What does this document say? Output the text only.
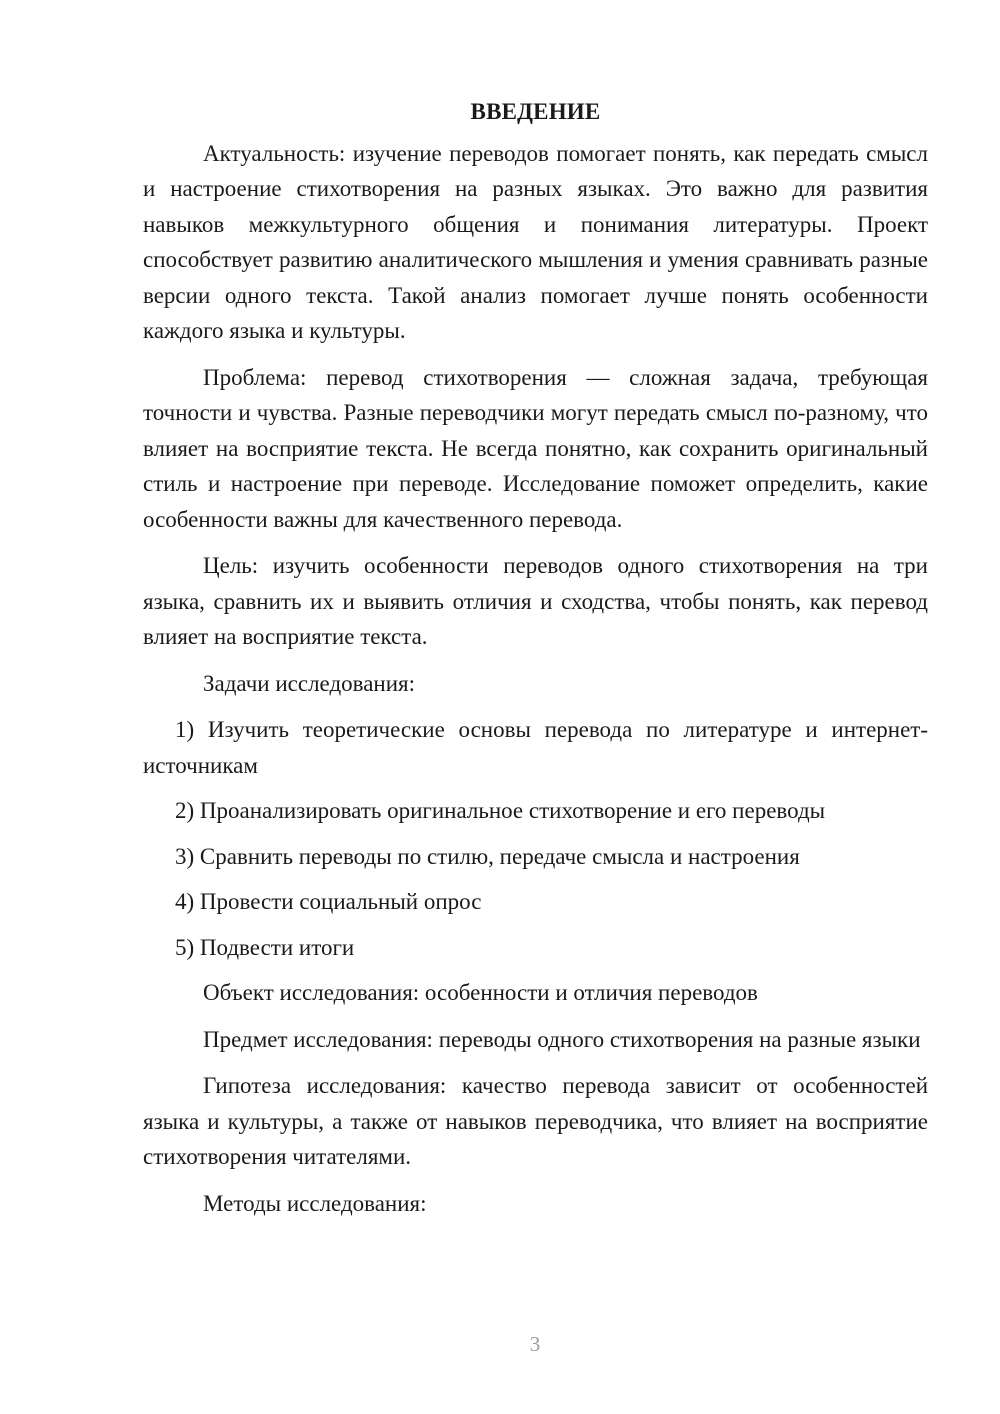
ВВЕДЕНИЕ

Актуальность: изучение переводов помогает понять, как передать смысл и настроение стихотворения на разных языках. Это важно для развития навыков межкультурного общения и понимания литературы. Проект способствует развитию аналитического мышления и умения сравнивать разные версии одного текста. Такой анализ помогает лучше понять особенности каждого языка и культуры.

Проблема: перевод стихотворения — сложная задача, требующая точности и чувства. Разные переводчики могут передать смысл по-разному, что влияет на восприятие текста. Не всегда понятно, как сохранить оригинальный стиль и настроение при переводе. Исследование поможет определить, какие особенности важны для качественного перевода.

Цель: изучить особенности переводов одного стихотворения на три языка, сравнить их и выявить отличия и сходства, чтобы понять, как перевод влияет на восприятие текста.

Задачи исследования:

1) Изучить теоретические основы перевода по литературе и интернет-источникам

2) Проанализировать оригинальное стихотворение и его переводы

3) Сравнить переводы по стилю, передаче смысла и настроения

4) Провести социальный опрос

5) Подвести итоги

Объект исследования: особенности и отличия переводов

Предмет исследования: переводы одного стихотворения на разные языки

Гипотеза исследования: качество перевода зависит от особенностей языка и культуры, а также от навыков переводчика, что влияет на восприятие стихотворения читателями.

Методы исследования:

3
